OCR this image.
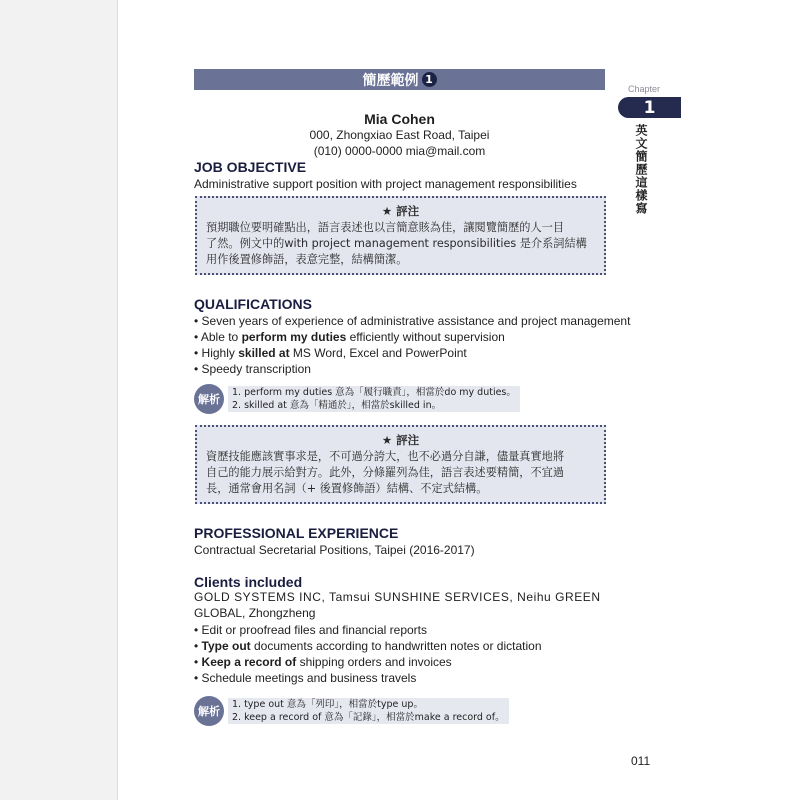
簡歷範例 1
Chapter
1
英文簡歷這樣寫
Mia Cohen
000, Zhongxiao East Road, Taipei
(010) 0000-0000 mia@mail.com
JOB OBJECTIVE
Administrative support position with project management responsibilities
★ 評注
預期職位要明確點出，語言表述也以言簡意賅為佳，讓閱覽簡歷的人一目
了然。例文中的with project management responsibilities 是介系詞結構
用作後置修飾語，表意完整，結構簡潔。
QUALIFICATIONS
• Seven years of experience of administrative assistance and project management
• Able to perform my duties efficiently without supervision
• Highly skilled at MS Word, Excel and PowerPoint
• Speedy transcription
解析
1. perform my duties 意為「履行職責」，相當於do my duties。
2. skilled at 意為「精通於」，相當於skilled in。
★ 評注
資歷技能應該實事求是，不可過分誇大，也不必過分自謙，儘量真實地將
自己的能力展示給對方。此外，分條羅列為佳，語言表述要精簡，不宜過
長，通常會用名詞（+ 後置修飾語）結構、不定式結構。
PROFESSIONAL EXPERIENCE
Contractual Secretarial Positions, Taipei (2016-2017)
Clients included
GOLD SYSTEMS INC, Tamsui SUNSHINE SERVICES, Neihu GREEN
GLOBAL, Zhongzheng
• Edit or proofread files and financial reports
• Type out documents according to handwritten notes or dictation
• Keep a record of shipping orders and invoices
• Schedule meetings and business travels
解析
1. type out 意為「列印」，相當於type up。
2. keep a record of 意為「記錄」，相當於make a record of。
011
